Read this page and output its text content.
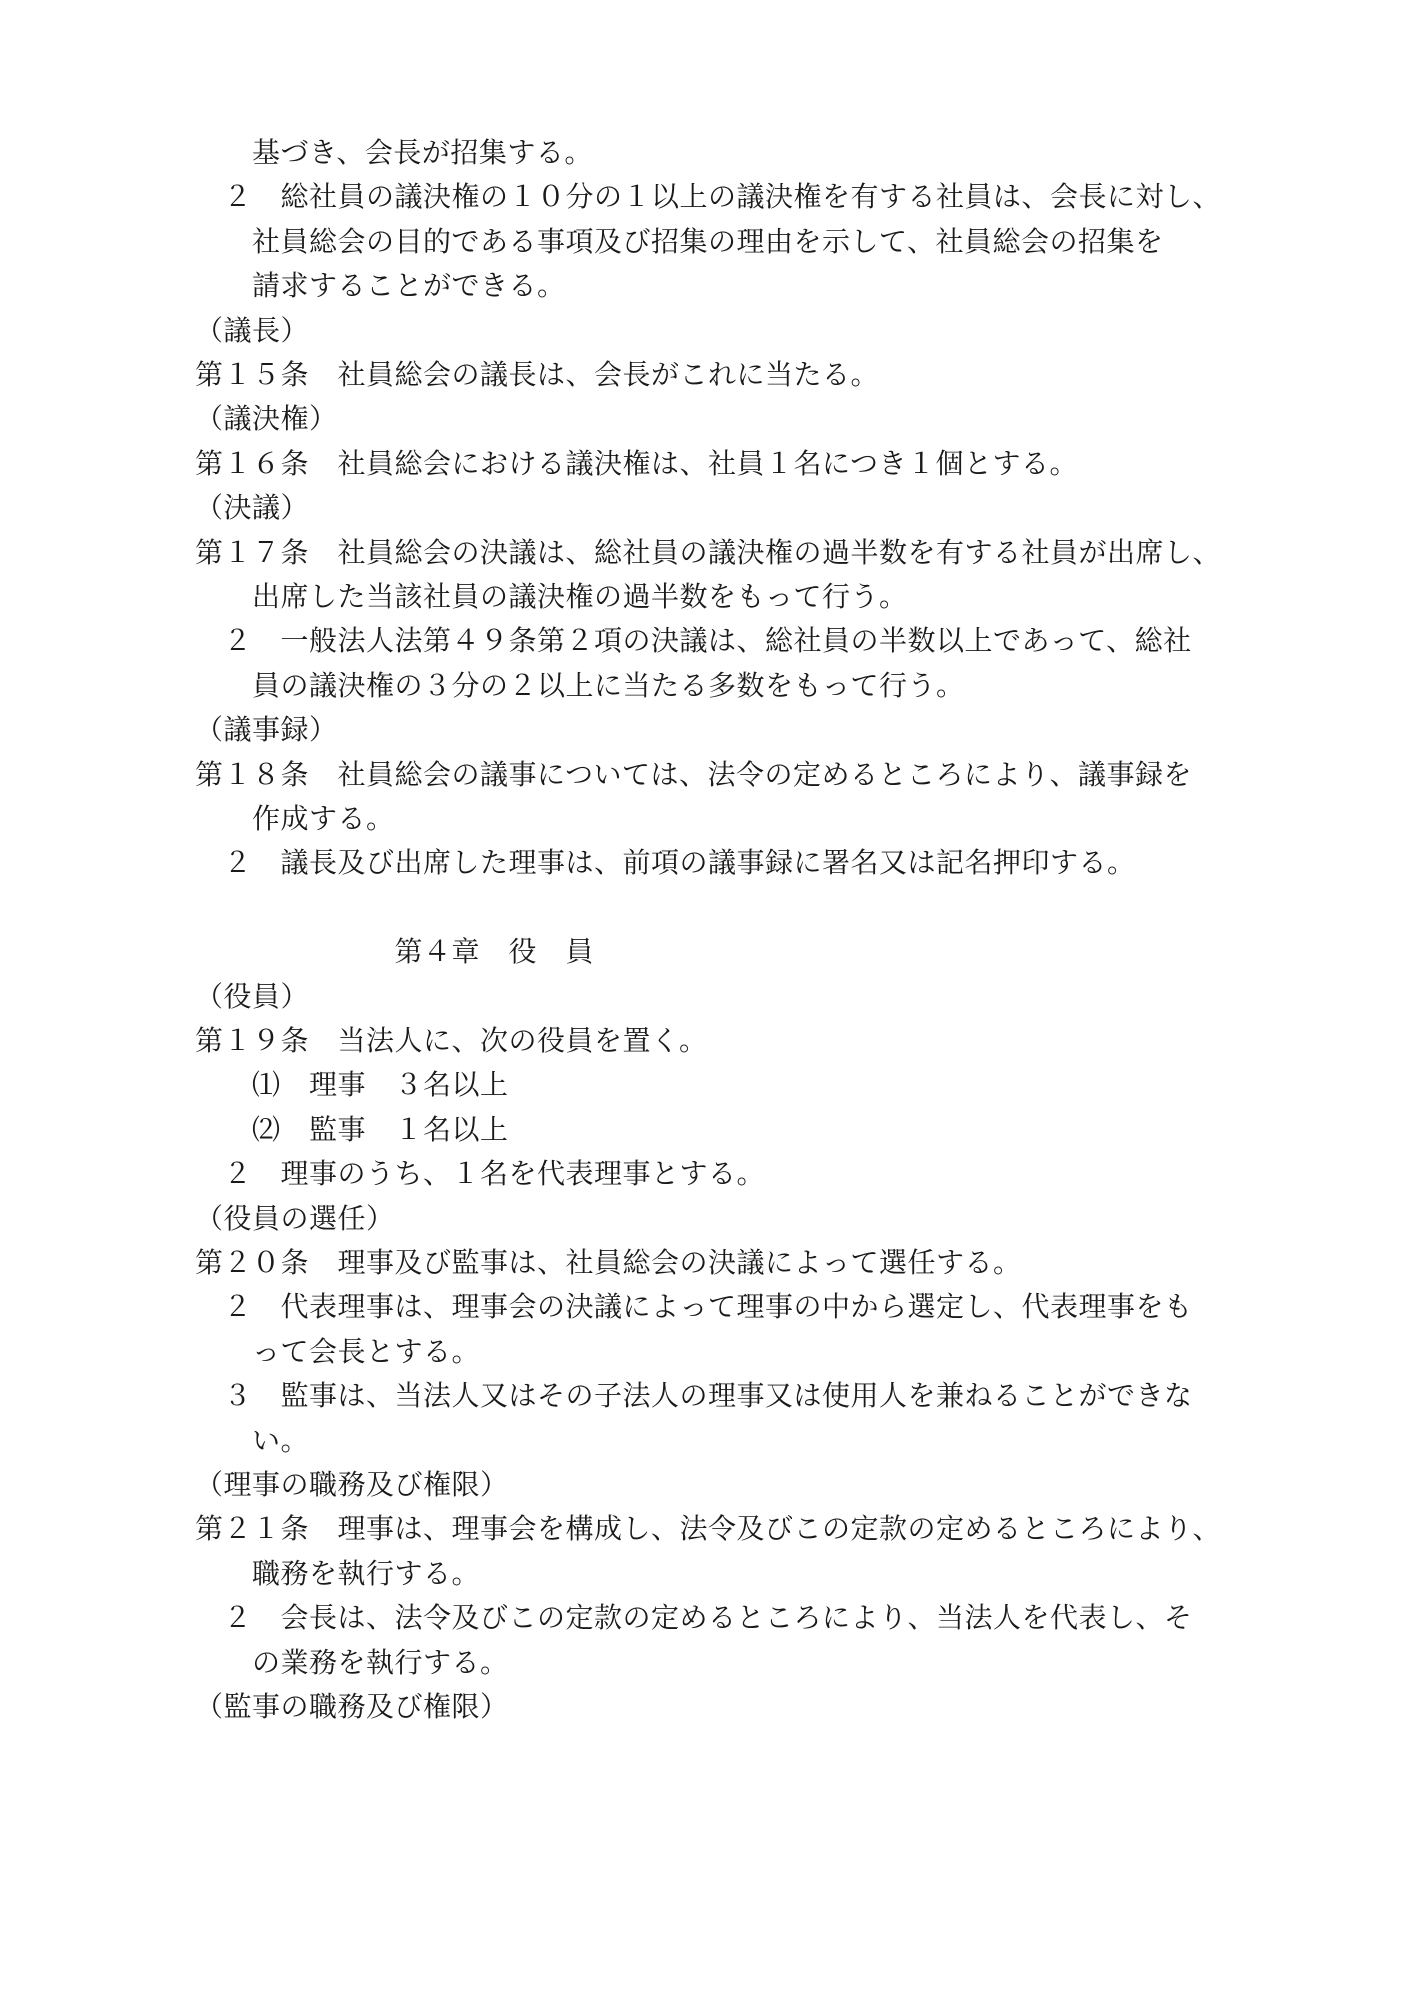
　　基づき、会長が招集する。
　２　総社員の議決権の１０分の１以上の議決権を有する社員は、会長に対し、
　　社員総会の目的である事項及び招集の理由を示して、社員総会の招集を
　　請求することができる。
（議長）
第１５条　社員総会の議長は、会長がこれに当たる。
（議決権）
第１６条　社員総会における議決権は、社員１名につき１個とする。
（決議）
第１７条　社員総会の決議は、総社員の議決権の過半数を有する社員が出席し、
　　出席した当該社員の議決権の過半数をもって行う。
　２　一般法人法第４９条第２項の決議は、総社員の半数以上であって、総社
　　員の議決権の３分の２以上に当たる多数をもって行う。
（議事録）
第１８条　社員総会の議事については、法令の定めるところにより、議事録を
　　作成する。
　２　議長及び出席した理事は、前項の議事録に署名又は記名押印する。
　　　　　　　第４章　役　員
（役員）
第１９条　当法人に、次の役員を置く。
　　⑴　理事　３名以上
　　⑵　監事　１名以上
　２　理事のうち、１名を代表理事とする。
（役員の選任）
第２０条　理事及び監事は、社員総会の決議によって選任する。
　２　代表理事は、理事会の決議によって理事の中から選定し、代表理事をも
　　って会長とする。
　３　監事は、当法人又はその子法人の理事又は使用人を兼ねることができな
　　い。
（理事の職務及び権限）
第２１条　理事は、理事会を構成し、法令及びこの定款の定めるところにより、
　　職務を執行する。
　２　会長は、法令及びこの定款の定めるところにより、当法人を代表し、そ
　　の業務を執行する。
（監事の職務及び権限）
